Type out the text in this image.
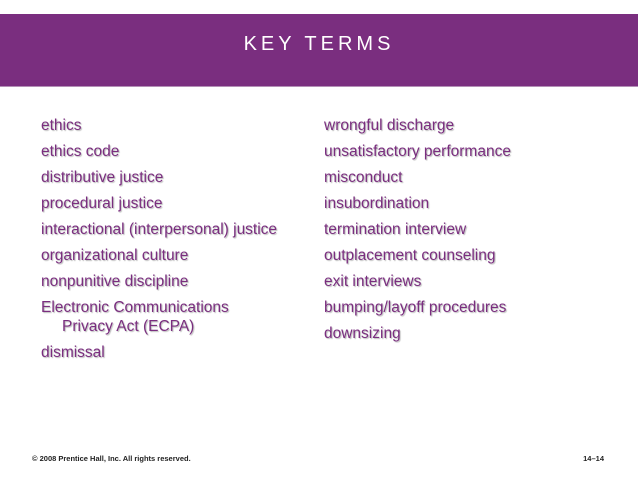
KEY TERMS
ethics
ethics code
distributive justice
procedural justice
interactional (interpersonal) justice
organizational culture
nonpunitive discipline
Electronic Communications Privacy Act (ECPA)
dismissal
wrongful discharge
unsatisfactory performance
misconduct
insubordination
termination interview
outplacement counseling
exit interviews
bumping/layoff procedures
downsizing
© 2008 Prentice Hall, Inc. All rights reserved.	14–14
